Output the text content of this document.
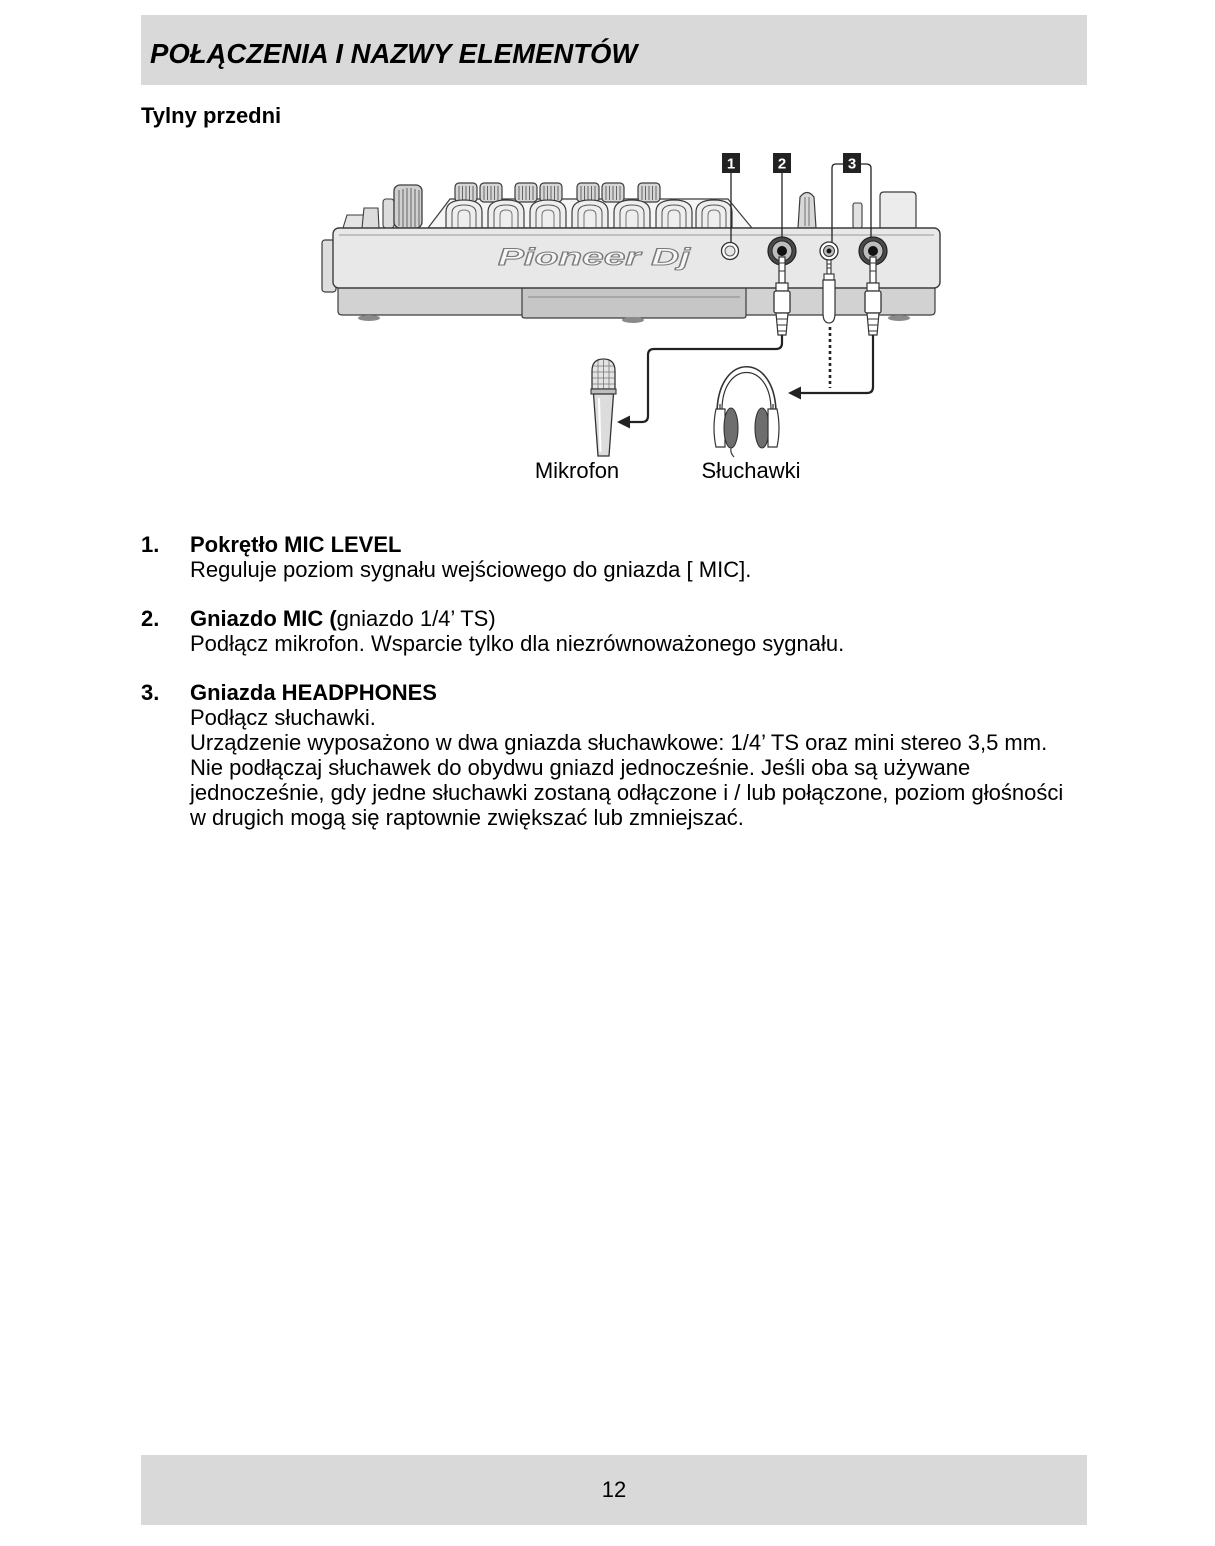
POŁĄCZENIA I NAZWY ELEMENTÓW
Tylny przedni
Pioneer Dj
1	2	3
Mikrofon	Słuchawki
1. Pokrętło MIC LEVEL
Reguluje poziom sygnału wejściowego do gniazda [ MIC].
2. Gniazdo MIC (gniazdo 1/4’ TS)
Podłącz mikrofon. Wsparcie tylko dla niezrównoważonego sygnału.
3. Gniazda HEADPHONES
Podłącz słuchawki.
Urządzenie wyposażono w dwa gniazda słuchawkowe: 1/4’ TS oraz mini stereo 3,5 mm.
Nie podłączaj słuchawek do obydwu gniazd jednocześnie. Jeśli oba są używane
jednocześnie, gdy jedne słuchawki zostaną odłączone i / lub połączone, poziom głośności
w drugich mogą się raptownie zwiększać lub zmniejszać.
12
